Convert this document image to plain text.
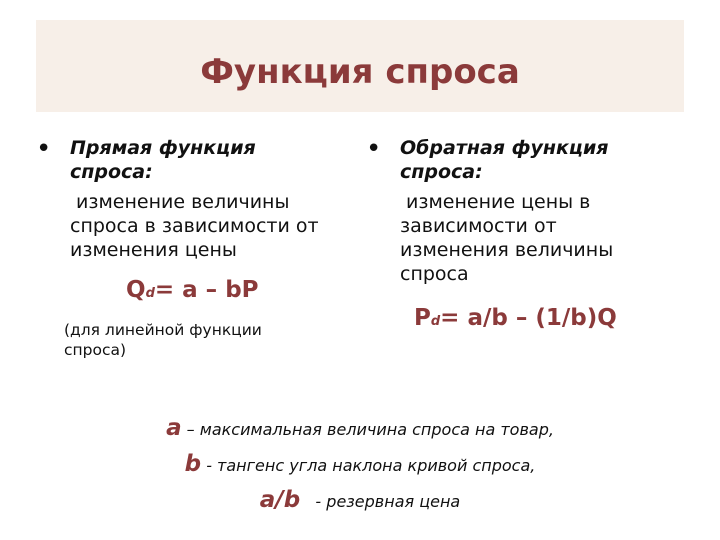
Функция спроса
• Прямая функция спроса:
изменение величины спроса в зависимости от изменения цены
Qd= a – bP
(для линейной функции спроса)
• Обратная функция спроса:
изменение цены в зависимости от изменения величины спроса
Pd= a/b – (1/b)Q
a – максимальная величина спроса на товар,
b - тангенс угла наклона кривой спроса,
a/b   - резервная цена
